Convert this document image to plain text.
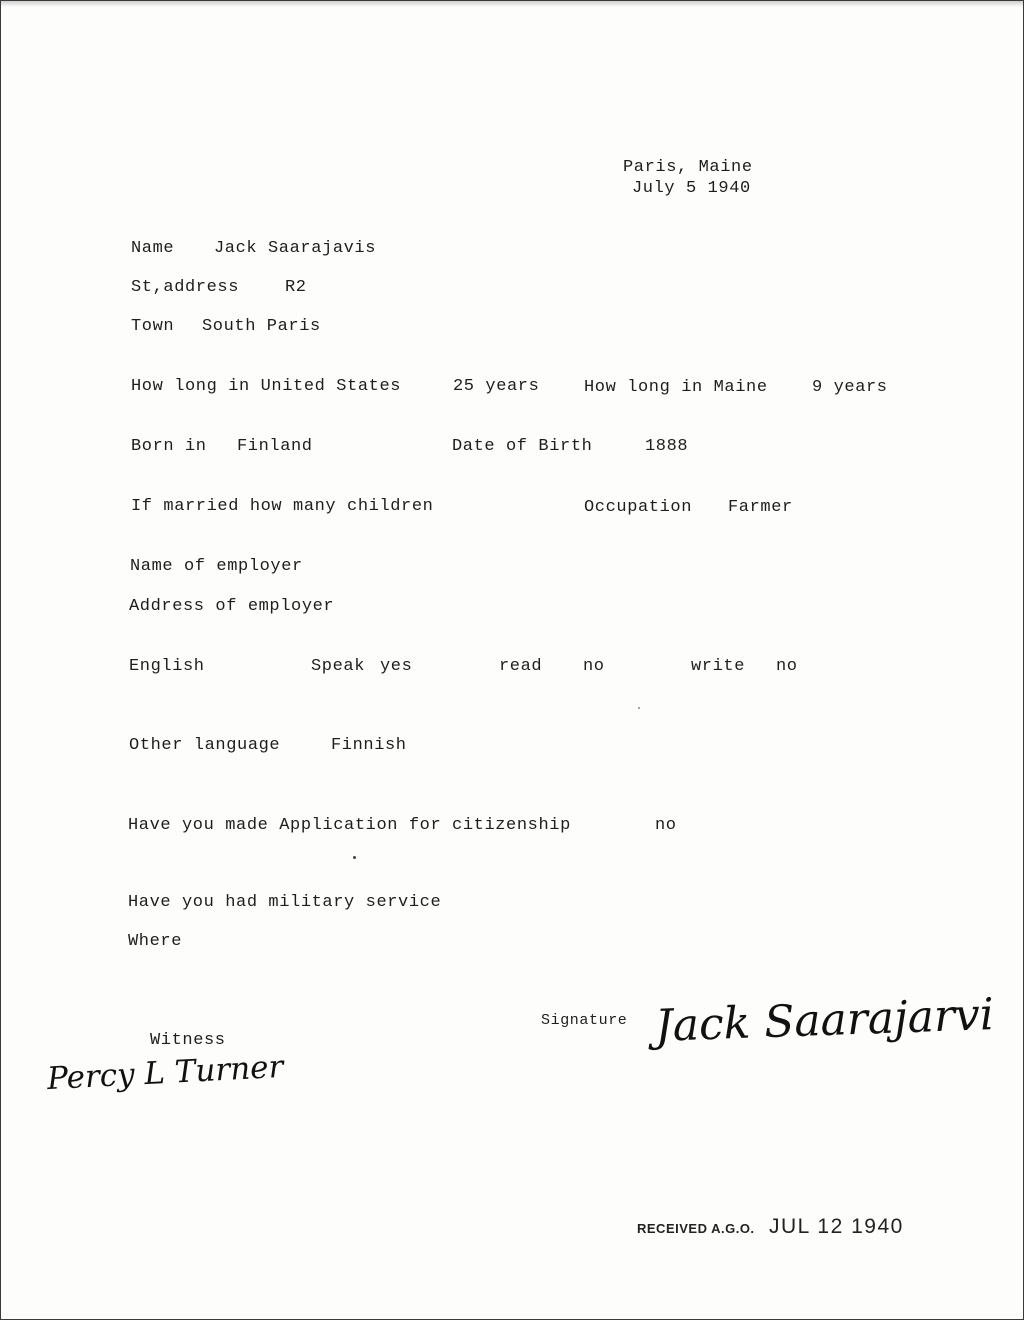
Paris, Maine
July 5 1940
Name Jack Saarajavis
St,address	R2
Town South Paris
How long in United States	25 years	How long in Maine	9 years
Born in Finland	Date of Birth	1888
If married how many children	Occupation Farmer
Name of employer
Address of employer
English	Speak yes	read no	write no
Other language	Finnish
Have you made Application for citizenship	no
Have you had military service
Where
Witness
Percy L Turner
Signature Jack Saarajarvi
RECEIVED A.G.O. JUL 12 1940
